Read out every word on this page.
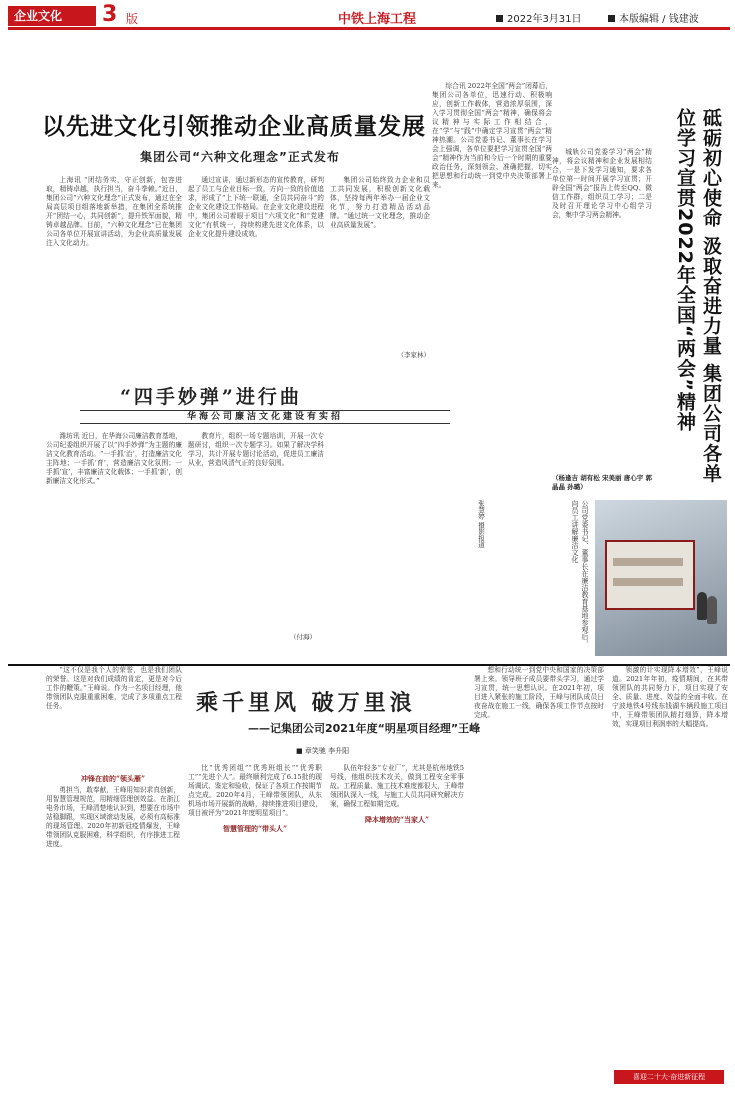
企业文化	3 版	中铁上海工程	2022年3月31日	本版编辑 / 钱建波
以先进文化引领推动企业高质量发展
集团公司“六种文化理念”正式发布

上海讯 “团结务实，守正创新，包容进取，精铸卓越，执行担当，奋斗拳赖。”近日，集团公司“六种文化理念”正式发布，通过在全局高层项目组落地新举措，在集团全系统推开“团结一心，共同创新”，提升铁军面貌，精铸卓越品牌。目前，“六种文化理念”已在集团公司各单位开展宣讲活动，为企业高质量发展注入文化动力。

通过宣讲，通过新形态的宣传教育，研判起了员工与企业目标一致，方向一致的价值追求，形成了“上下统一联通，全员共同奋斗”的企业文化建设工作格局。在企业文化建设进程中，集团公司着眼于项目“六项文化”和“党建文化”有机统一，持续构建先进文化体系，以企业文化提升建设成效。

集团公司始终致力企业和员工共同发展，积极创新文化载体，坚持每两年举办一届企业文化节，努力打造精品活动品牌。“通过统一文化理念，推动企业高质量发展”。

（李家林）
“四手妙弹”进行曲
华海公司廉洁文化建设有实招

潍坊讯 近日，在华海公司廉洁教育基地，公司纪委组织开展了以“四手妙弹”为主题的廉洁文化教育活动。“一手抓‘治’，打造廉洁文化主阵地；一手抓‘育’，营造廉洁文化氛围；一手抓‘宣’，丰富廉洁文化载体；一手抓‘新’，创新廉洁文化形式。”

教育片，组织一场专题培训，开展一次专题研讨，组织一次专题学习。如果了解决学科学习，共计开展专题讨论活动，促进员工廉洁从业，营造风清气正的良好氛围。

（付海）

综合讯 2022年全国“两会”闭幕后，集团公司各单位，迅速行动、积极响应，创新工作载体，营造浓厚氛围，深入学习贯彻全国“两会”精神，确保将会议精神与实际工作相结合，在“学”与“践”中确定学习宣贯“两会”精神热潮。公司党委书记、董事长在学习会上强调，各单位要把学习宣贯全国“两会”精神作为当前和今后一个时期的重要政治任务，深刻领会、准确把握，切实把思想和行动统一到党中央决策部署上来。

城轨公司党委学习“两会”精神，将会议精神和企业发展相结合，一是下发学习通知，要求各单位第一时间开展学习宣贯；开辟全国“两会”报告上传至QQ、微信工作群，组织员工学习；二是及时召开理论学习中心组学习会，集中学习两会精神。

（杨逢吉 胡有松 宋美丽 唐心宇 郭晶晶 孙璐）
砥砺初心使命 汲取奋进力量 集团公司各单位学习宣贯2022年全国“两会”精神
张慧婷 摄影报道	公司党委书记、董事长在廉洁教育基地参观后，向员工讲解廉洁文化

“这不仅是我个人的荣誉，也是我们团队的荣誉。这是对我们成绩的肯定，更是对今后工作的鞭策。”王峰说。作为一名项目经理，他带领团队克服重重困难，完成了多项重点工程任务。	乘千里风 破万里浪
——记集团公司2021年度“明星项目经理”王峰
■ 章笑驰 李升阳
冲锋在前的“领头雁”

勇担当，敢奉献，王峰用知识求真创新，用智慧管理规范，用精细管理创效益。在浙江电务市场，王峰清楚地认识到，想要在市场中站稳脚跟，实现区域滚动发展，必须有高标准的现场管理。2020年初新冠疫情爆发，王峰带领团队克服困难，科学组织，有序推进工程进度。

比“优秀团组”“优秀班组长”“优秀职工”“先进个人”。最终顺利完成了6.15批的现场调试、鉴定和验收，保证了各项工作按期节点完成。2020年4月，王峰带领团队，从东机场市场开展新的战略，持续推进项目建设，项目被评为“2021年度明星项目”。

智慧管理的“带头人”

队伍年轻多“专业厂”，尤其是杭州地铁5号线，他组织技术攻关，做到工程安全零事故。工程质量、施工技术难度都很大，王峰带领团队深入一线，与施工人员共同研究解决方案，确保工程如期完成。

降本增效的“当家人”

想和行动统一到党中央和国家的决策部署上来。领导班子成员要带头学习，通过学习宣贯，统一思想认识。在2021年初，项目进入紧张的施工阶段，王峰与团队成员日夜奋战在施工一线，确保各项工作节点按时完成。

领激的计实现降本增效”，王峰说道。2021年年初，疫情期间，在其带领团队的共同努力下，项目实现了安全、质量、进度、效益的全面丰收。在宁波地铁4号线东钱湖车辆段施工项目中，王峰带领团队精打细算，降本增效，实现项目利润率的大幅提高。

喜迎二十大·奋进新征程
